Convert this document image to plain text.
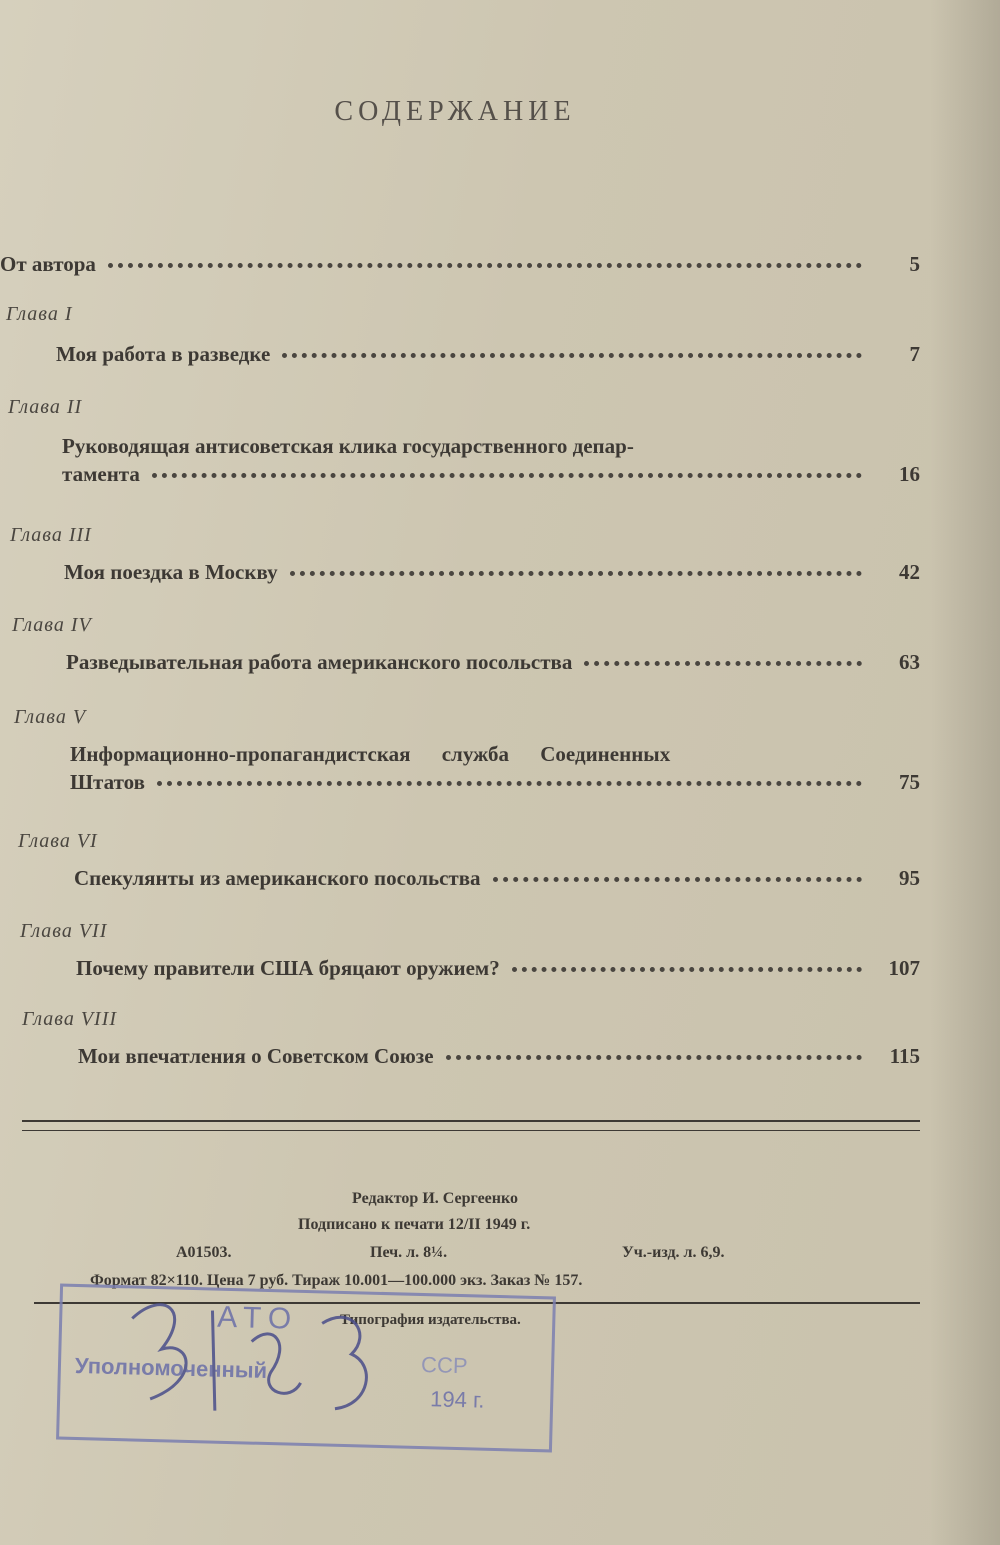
СОДЕРЖАНИЕ
От автора	5
Глава I
Моя работа в разведке	7
Глава II
Руководящая антисоветская клика государственного депар-
тамента	16
Глава III
Моя поездка в Москву	42
Глава IV
Разведывательная работа американского посольства	63
Глава V
Информационно-пропагандистская служба Соединенных
Штатов	75
Глава VI
Спекулянты из американского посольства	95
Глава VII
Почему правители США бряцают оружием?	107
Глава VIII
Мои впечатления о Советском Союзе	115
Редактор И. Сергеенко
Подписано к печати 12/II 1949 г.
А01503.	Печ. л. 8¼.	Уч.-изд. л. 6,9.
Формат 82×110. Цена 7 руб. Тираж 10.001—100.000 экз. Заказ № 157.
Типография издательства.
АТО
Уполномоченный	ССР
194 г.
